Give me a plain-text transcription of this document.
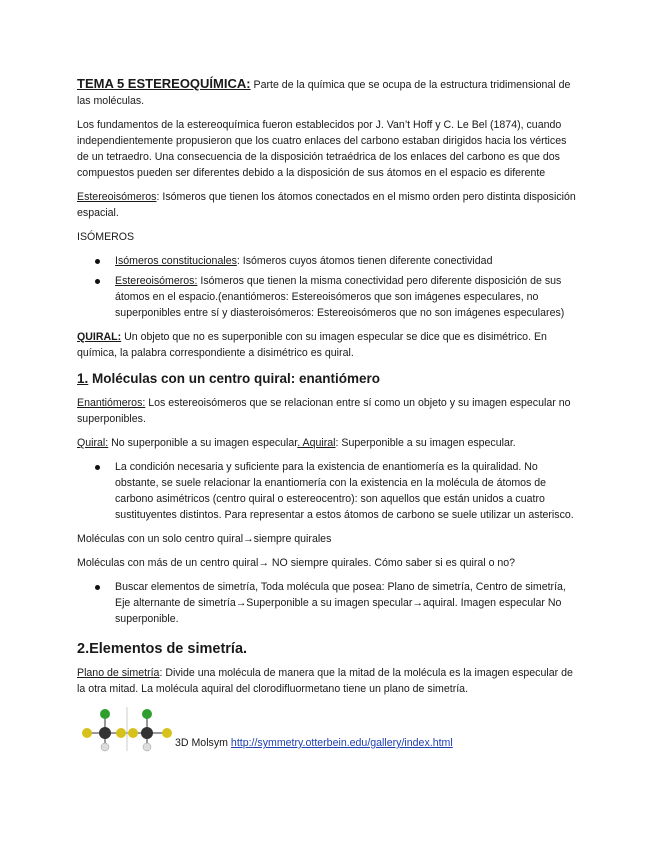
TEMA 5 ESTEREOQUÍMICA: Parte de la química que se ocupa de la estructura tridimensional de las moléculas.

Los fundamentos de la estereoquímica fueron establecidos por J. Van’t Hoff y C. Le Bel (1874), cuando independientemente propusieron que los cuatro enlaces del carbono estaban dirigidos hacia los vértices de un tetraedro. Una consecuencia de la disposición tetraédrica de los enlaces del carbono es que dos compuestos pueden ser diferentes debido a la disposición de sus átomos en el espacio es diferente

Estereoisómeros: Isómeros que tienen los átomos conectados en el mismo orden pero distinta disposición espacial.

ISÓMEROS

Isómeros constitucionales: Isómeros cuyos átomos tienen diferente conectividad
Estereoisómeros: Isómeros que tienen la misma conectividad pero diferente disposición de sus átomos en el espacio.(enantiómeros: Estereoisómeros que son imágenes especulares, no superponibles entre sí y diasteroisómeros: Estereoisómeros que no son imágenes especulares)

QUIRAL: Un objeto que no es superponible con su imagen especular se dice que es disimétrico. En química, la palabra correspondiente a disimétrico es quiral.

1. Moléculas con un centro quiral: enantiómero

Enantiómeros: Los estereoisómeros que se relacionan entre sí como un objeto y su imagen especular no superponibles.

Quiral: No superponible a su imagen especular. Aquiral: Superponible a su imagen especular.

La condición necesaria y suficiente para la existencia de enantiomería es la quiralidad. No obstante, se suele relacionar la enantiomería con la existencia en la molécula de átomos de carbono asimétricos (centro quiral o estereocentro): son aquellos que están unidos a cuatro sustituyentes distintos. Para representar a estos átomos de carbono se suele utilizar un asterisco.

Moléculas con un solo centro quiral→siempre quirales

Moléculas con más de un centro quiral→ NO siempre quirales. Cómo saber si es quiral o no?

Buscar elementos de simetría, Toda molécula que posea: Plano de simetría, Centro de simetría, Eje alternante de simetría→Superponible a su imagen specular→aquiral. Imagen especular No superponible.
2.Elementos de simetría.

Plano de simetría: Divide una molécula de manera que la mitad de la molécula es la imagen especular de la otra mitad. La molécula aquiral del clorodifluormetano tiene un plano de simetría.

3D Molsym http://symmetry.otterbein.edu/gallery/index.html
